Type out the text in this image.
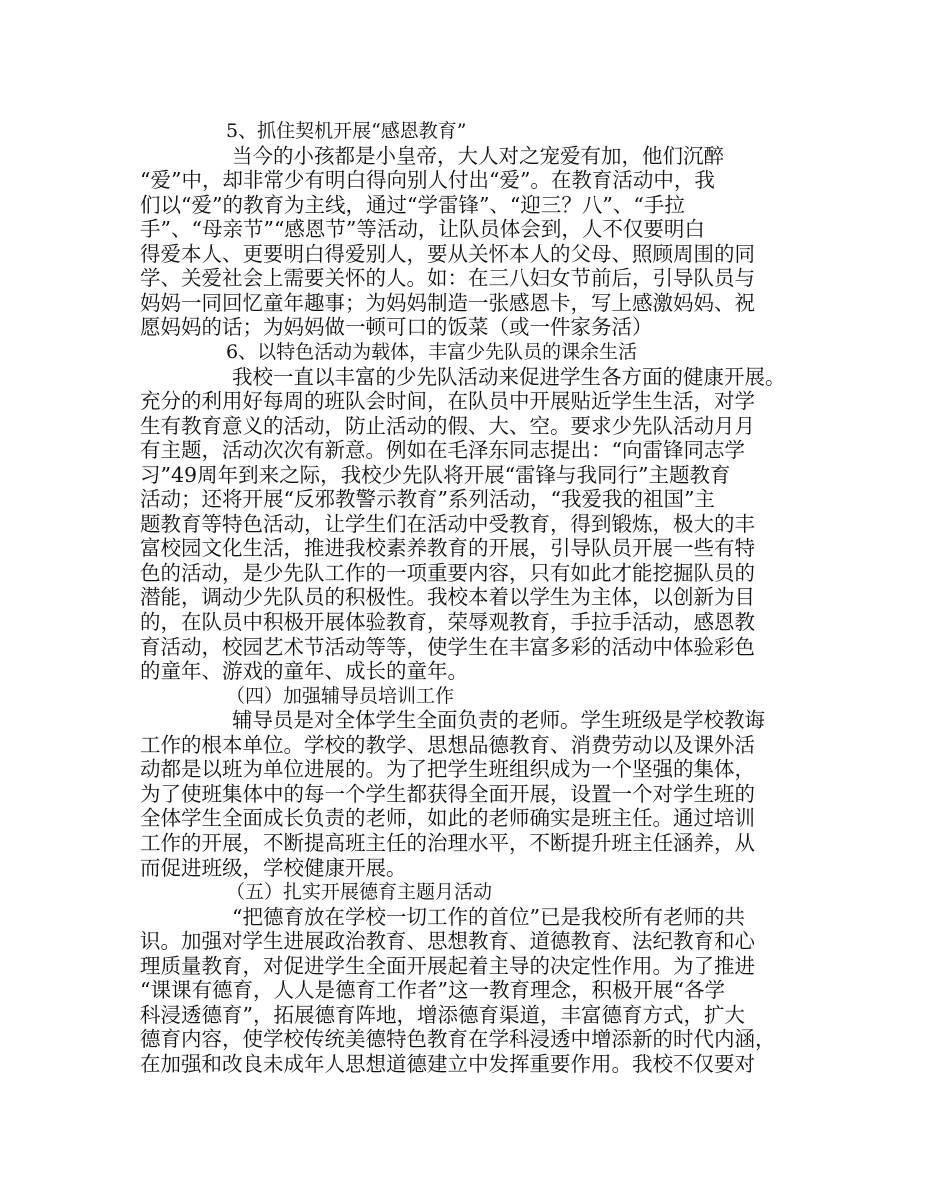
5、抓住契机开展“感恩教育”
当今的小孩都是小皇帝，大人对之宠爱有加，他们沉醉
“爱”中，却非常少有明白得向别人付出“爱”。在教育活动中，我
们以“爱”的教育为主线，通过“学雷锋”、“迎三？八”、“手拉
手”、“母亲节”“感恩节”等活动，让队员体会到，人不仅要明白
得爱本人、更要明白得爱别人，要从关怀本人的父母、照顾周围的同
学、关爱社会上需要关怀的人。如：在三八妇女节前后，引导队员与
妈妈一同回忆童年趣事；为妈妈制造一张感恩卡，写上感激妈妈、祝
愿妈妈的话；为妈妈做一顿可口的饭菜（或一件家务活）
6、以特色活动为载体，丰富少先队员的课余生活
我校一直以丰富的少先队活动来促进学生各方面的健康开展。
充分的利用好每周的班队会时间，在队员中开展贴近学生生活，对学
生有教育意义的活动，防止活动的假、大、空。要求少先队活动月月
有主题，活动次次有新意。例如在毛泽东同志提出：“向雷锋同志学
习”49周年到来之际，我校少先队将开展“雷锋与我同行”主题教育
活动；还将开展“反邪教警示教育”系列活动，“我爱我的祖国”主
题教育等特色活动，让学生们在活动中受教育，得到锻炼，极大的丰
富校园文化生活，推进我校素养教育的开展，引导队员开展一些有特
色的活动，是少先队工作的一项重要内容，只有如此才能挖掘队员的
潜能，调动少先队员的积极性。我校本着以学生为主体，以创新为目
的，在队员中积极开展体验教育，荣辱观教育，手拉手活动，感恩教
育活动，校园艺术节活动等等，使学生在丰富多彩的活动中体验彩色
的童年、游戏的童年、成长的童年。
（四）加强辅导员培训工作
辅导员是对全体学生全面负责的老师。学生班级是学校教诲
工作的根本单位。学校的教学、思想品德教育、消费劳动以及课外活
动都是以班为单位进展的。为了把学生班组织成为一个坚强的集体，
为了使班集体中的每一个学生都获得全面开展，设置一个对学生班的
全体学生全面成长负责的老师，如此的老师确实是班主任。通过培训
工作的开展，不断提高班主任的治理水平，不断提升班主任涵养，从
而促进班级，学校健康开展。
（五）扎实开展德育主题月活动
“把德育放在学校一切工作的首位”已是我校所有老师的共
识。加强对学生进展政治教育、思想教育、道德教育、法纪教育和心
理质量教育，对促进学生全面开展起着主导的决定性作用。为了推进
“课课有德育，人人是德育工作者”这一教育理念，积极开展“各学
科浸透德育”，拓展德育阵地，增添德育渠道，丰富德育方式，扩大
德育内容，使学校传统美德特色教育在学科浸透中增添新的时代内涵，
在加强和改良未成年人思想道德建立中发挥重要作用。我校不仅要对
